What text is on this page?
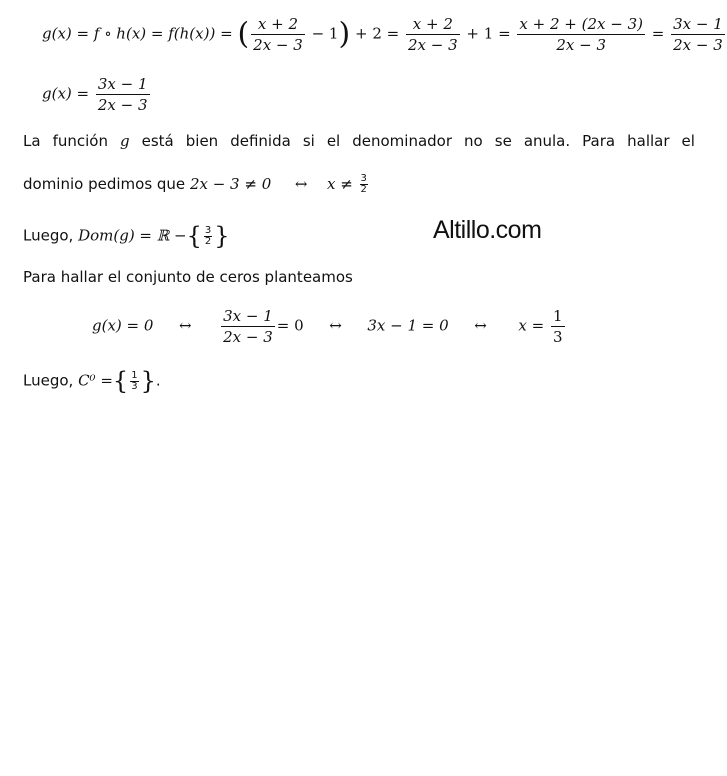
g(x) = f ∘ h(x) = f(h(x)) = ( $\frac{x + 2}{2x - 3} - 1) + 2 = \frac{x + 2}{2x - 3} + 1 = \frac{x + 2 + (2x - 3)}{2x - 3} = \frac{3x - 1}{2x - 3}$
$g(x) = \frac{3x - 1}{2x - 3}$
La función g está bien definida si el denominador no se anula. Para hallar el
dominio pedimos que 2x − 3 ≠ 0 ↔ $x \ne \frac{3}{2}$
Luego, Dom(g) = ℝ −{ $\frac{3}{2}$ }	Altillo.com
Para hallar el conjunto de ceros planteamos
g(x) = 0 ↔ $\frac{3x - 1}{2x - 3} = 0$ ↔ 3x − 1 = 0 ↔ $x = \frac{1}{3}$
Luego, C⁰ ={ $\frac{1}{3}$ }.
